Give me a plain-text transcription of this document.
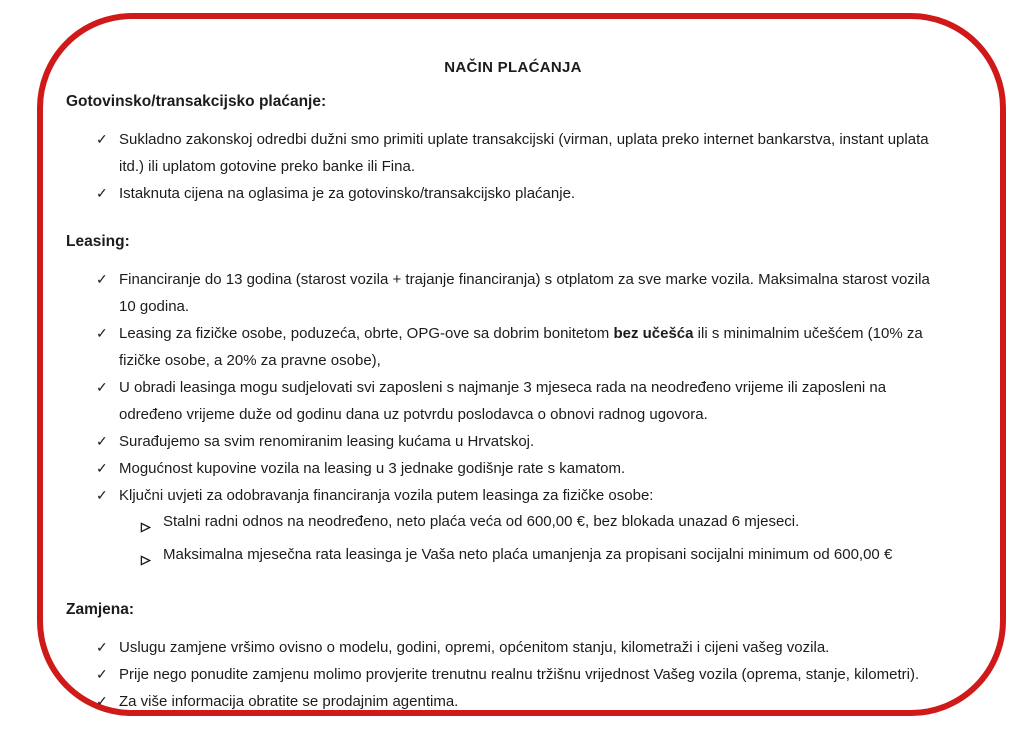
NAČIN PLAĆANJA
Gotovinsko/transakcijsko plaćanje:
✓ Sukladno zakonskoj odredbi dužni smo primiti uplate transakcijski (virman, uplata preko internet bankarstva, instant uplata itd.) ili uplatom gotovine preko banke ili Fina.
✓ Istaknuta cijena na oglasima je za gotovinsko/transakcijsko plaćanje.
Leasing:
✓ Financiranje do 13 godina (starost vozila + trajanje financiranja) s otplatom za sve marke vozila. Maksimalna starost vozila 10 godina.
✓ Leasing za fizičke osobe, poduzeća, obrte, OPG-ove sa dobrim bonitetom bez učešća ili s minimalnim učešćem (10% za fizičke osobe, a 20% za pravne osobe),
✓ U obradi leasinga mogu sudjelovati svi zaposleni s najmanje 3 mjeseca rada na neodređeno vrijeme ili zaposleni na određeno vrijeme duže od godinu dana uz potvrdu poslodavca o obnovi radnog ugovora.
✓ Surađujemo sa svim renomiranim leasing kućama u Hrvatskoj.
✓ Mogućnost kupovine vozila na leasing u 3 jednake godišnje rate s kamatom.
✓ Ključni uvjeti za odobravanja financiranja vozila putem leasinga za fizičke osobe:
Stalni radni odnos na neodređeno, neto plaća veća od 600,00 €, bez blokada unazad 6 mjeseci.
Maksimalna mjesečna rata leasinga je Vaša neto plaća umanjenja za propisani socijalni minimum od 600,00 €
Zamjena:
✓ Uslugu zamjene vršimo ovisno o modelu, godini, opremi, općenitom stanju, kilometraži i cijeni vašeg vozila.
✓ Prije nego ponudite zamjenu molimo provjerite trenutnu realnu tržišnu vrijednost Vašeg vozila (oprema, stanje, kilometri).
✓ Za više informacija obratite se prodajnim agentima.
